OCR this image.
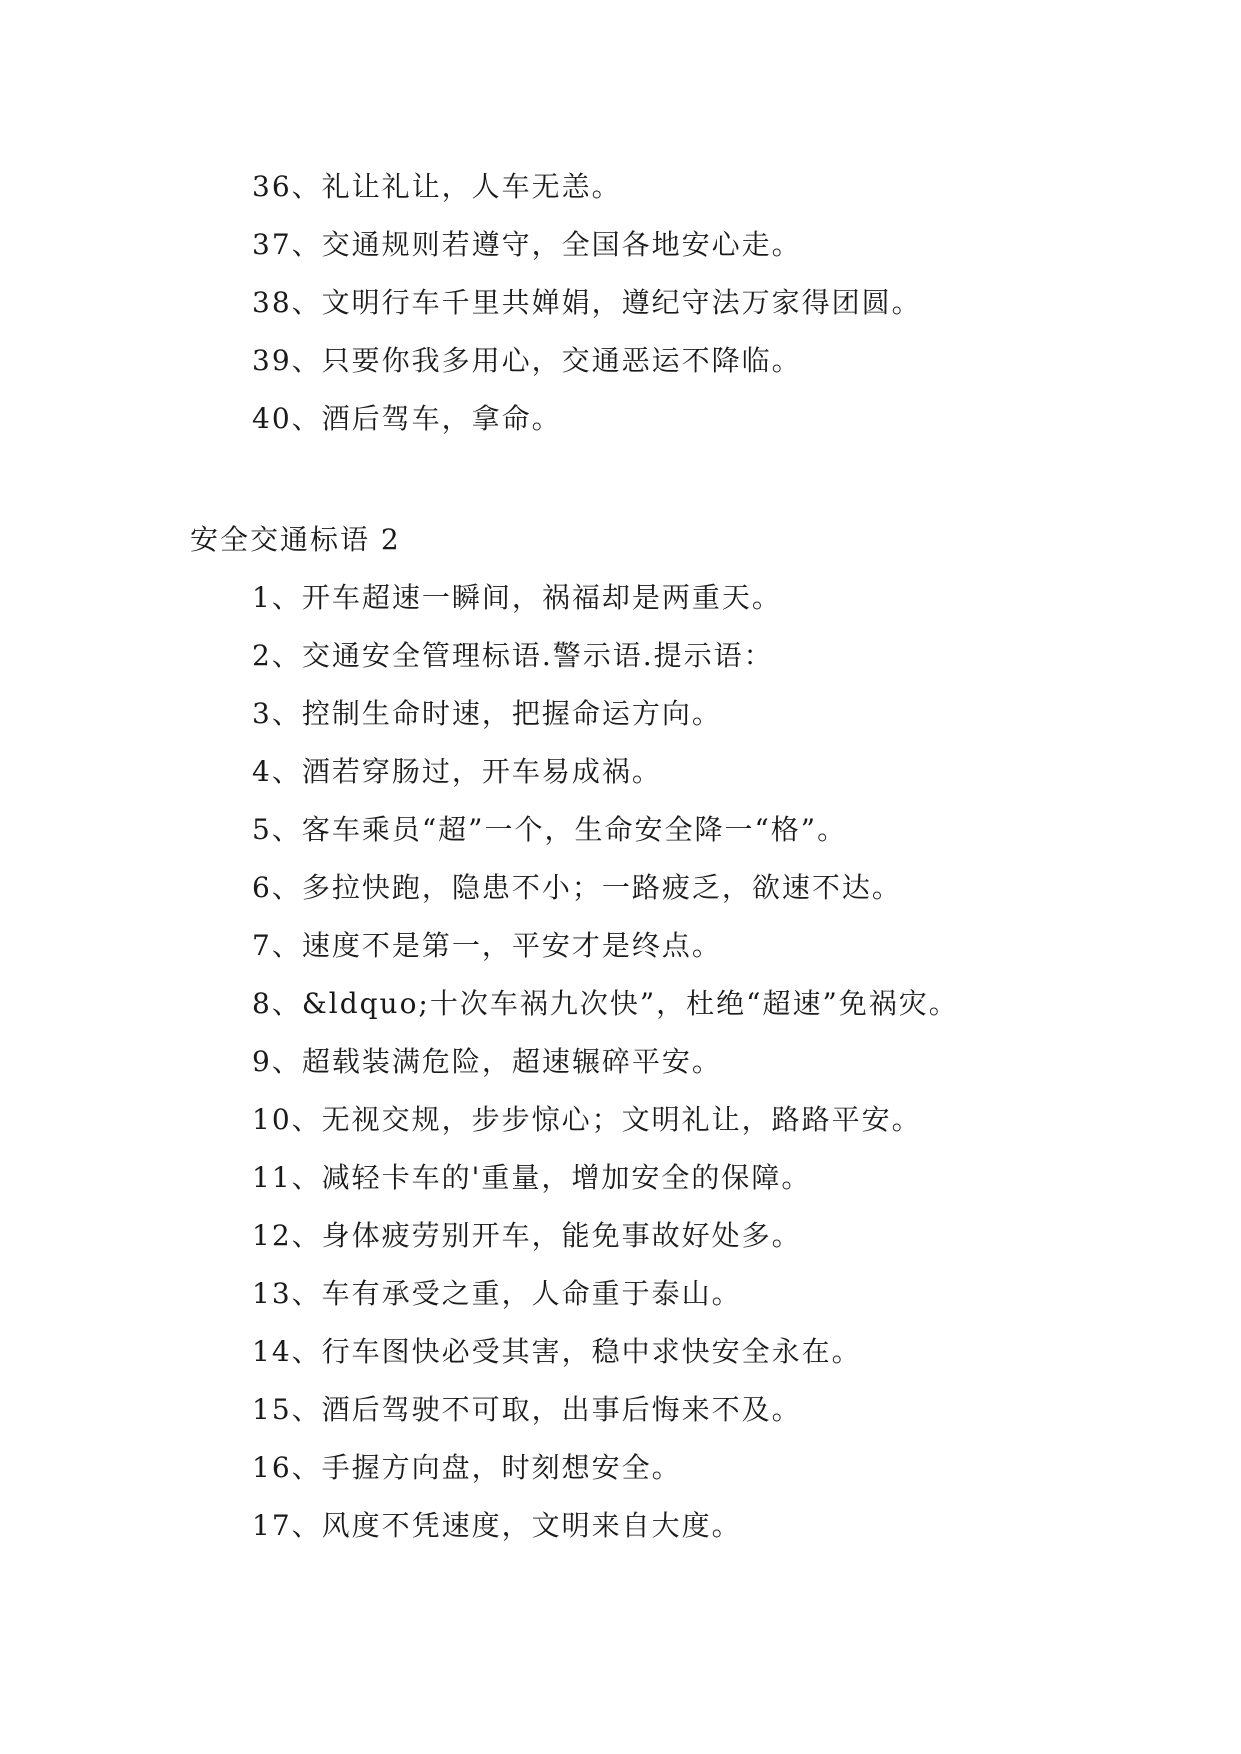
36、礼让礼让，人车无恙。
37、交通规则若遵守，全国各地安心走。
38、文明行车千里共婵娟，遵纪守法万家得团圆。
39、只要你我多用心，交通恶运不降临。
40、酒后驾车，拿命。
安全交通标语 2
1、开车超速一瞬间，祸福却是两重天。
2、交通安全管理标语.警示语.提示语：
3、控制生命时速，把握命运方向。
4、酒若穿肠过，开车易成祸。
5、客车乘员“超”一个，生命安全降一“格”。
6、多拉快跑，隐患不小；一路疲乏，欲速不达。
7、速度不是第一，平安才是终点。
8、&ldquo;十次车祸九次快”，杜绝“超速”免祸灾。
9、超载装满危险，超速辗碎平安。
10、无视交规，步步惊心；文明礼让，路路平安。
11、减轻卡车的'重量，增加安全的保障。
12、身体疲劳别开车，能免事故好处多。
13、车有承受之重，人命重于泰山。
14、行车图快必受其害，稳中求快安全永在。
15、酒后驾驶不可取，出事后悔来不及。
16、手握方向盘，时刻想安全。
17、风度不凭速度，文明来自大度。
